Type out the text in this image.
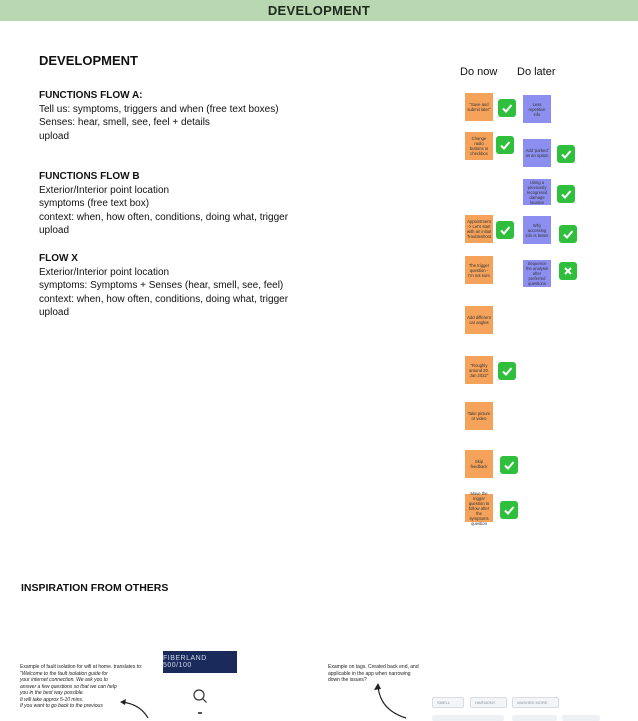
DEVELOPMENT
DEVELOPMENT
FUNCTIONS FLOW A:
Tell us: symptoms, triggers and when (free text boxes)
Senses: hear, smell, see, feel + details
upload
FUNCTIONS FLOW B
Exterior/Interior point location
symptoms (free text box)
context: when, how often, conditions, doing what, trigger
upload
FLOW X
Exterior/Interior point location
symptoms: Symptoms + Senses (hear, smell, see, feel)
context: when, how often, conditions, doing what, trigger
upload
Do now Do later
"Save and submit later"
Change radio buttons to checkbox
Appointment -> Let's start with an initial Troubleshoot
The trigger question - I'm not sure
Add different car angles
"Roughly around 20. Jan 2022"
Take picture or video
Skip feedback
Move the trigger question to follow after the symptoms question
Less repetitive info
Add 'parked' as an option
Using a previously recognised damage location
Why accessing info is better
Sequence the analysis after preferred questions
INSPIRATION FROM OTHERS
Example of fault isolation for wifi at home. translates to:
"Welcome to the fault isolation guide for
your internet connection. We ask you to
answer a few questions so that we can help
you in the best way possible.
It will take approx 5-10 mins.
If you want to go back to the previous
FIBERLAND 500/100	Example on tags. Created back end, and
applicable in the app when narrowing
down the issues?
SMELL	HARMONY	WASHED MORE
